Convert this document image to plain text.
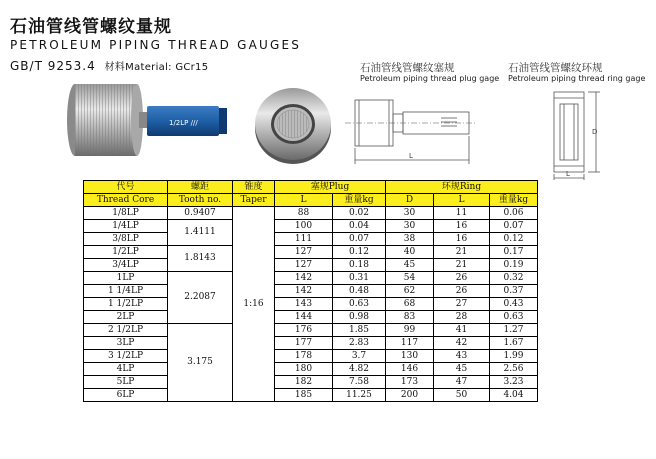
石油管线管螺纹量规
PETROLEUM PIPING THREAD GAUGES
GB/T 9253.4 材料Material: GCr15	石油管线管螺纹塞规
Petroleum piping thread plug gage
石油管线管螺纹环规
Petroleum piping thread ring gage
1/2LP ///
L
D
L
代号	螺距	锥度	塞规Plug		环规Ring		
Thread Core	Tooth no.	Taper	L	重量kg	D	L	重量kg
1/8LP	0.9407	1:16	88	0.02	30	11	0.06
1/4LP	1.4111		100	0.04	30	16	0.07
3/8LP			111	0.07	38	16	0.12
1/2LP	1.8143		127	0.12	40	21	0.17
3/4LP			127	0.18	45	21	0.19
1LP	2.2087		142	0.31	54	26	0.32
1 1/4LP			142	0.48	62	26	0.37
1 1/2LP			143	0.63	68	27	0.43
2LP			144	0.98	83	28	0.63
2 1/2LP	3.175		176	1.85	99	41	1.27
3LP			177	2.83	117	42	1.67
3 1/2LP			178	3.7	130	43	1.99
4LP			180	4.82	146	45	2.56
5LP			182	7.58	173	47	3.23
6LP			185	11.25	200	50	4.04
